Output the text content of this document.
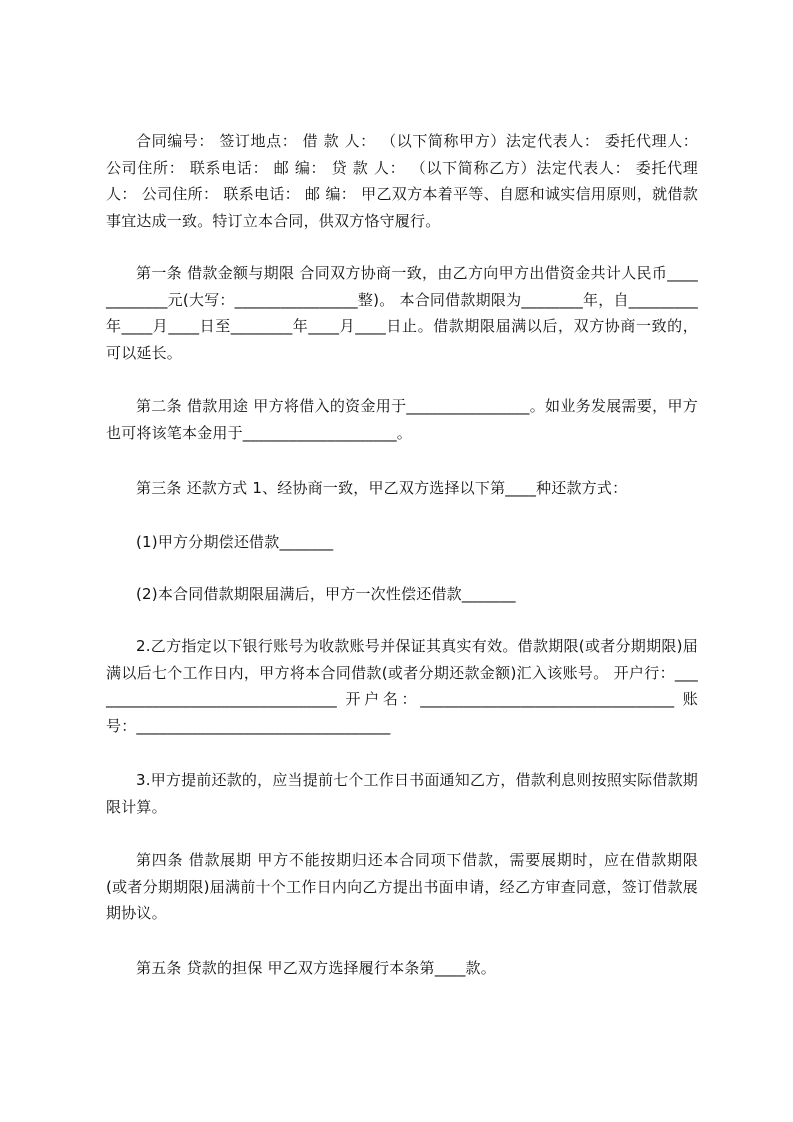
合同编号： 签订地点： 借 款 人： （以下简称甲方）法定代表人： 委托代理人： 公司住所： 联系电话： 邮 编： 贷 款 人： （以下简称乙方）法定代表人： 委托代理人： 公司住所： 联系电话： 邮 编： 甲乙双方本着平等、自愿和诚实信用原则，就借款事宜达成一致。特订立本合同，供双方恪守履行。

第一条 借款金额与期限 合同双方协商一致，由乙方向甲方出借资金共计人民币____________元(大写：________________整)。 本合同借款期限为________年，自_________年____月____日至________年____月____日止。借款期限届满以后，双方协商一致的，可以延长。

第二条 借款用途 甲方将借入的资金用于________________。如业务发展需要，甲方也可将该笔本金用于____________________。

第三条 还款方式 1、经协商一致，甲乙双方选择以下第____种还款方式：

(1)甲方分期偿还借款_______

(2)本合同借款期限届满后，甲方一次性偿还借款_______

2.乙方指定以下银行账号为收款账号并保证其真实有效。借款期限(或者分期期限)届满以后七个工作日内，甲方将本合同借款(或者分期还款金额)汇入该账号。 开户行：_________________________________ 开户名：_________________________________ 账 号：_________________________________

3.甲方提前还款的，应当提前七个工作日书面通知乙方，借款利息则按照实际借款期限计算。

第四条 借款展期 甲方不能按期归还本合同项下借款，需要展期时，应在借款期限(或者分期期限)届满前十个工作日内向乙方提出书面申请，经乙方审查同意，签订借款展期协议。

第五条 贷款的担保 甲乙双方选择履行本条第____款。
